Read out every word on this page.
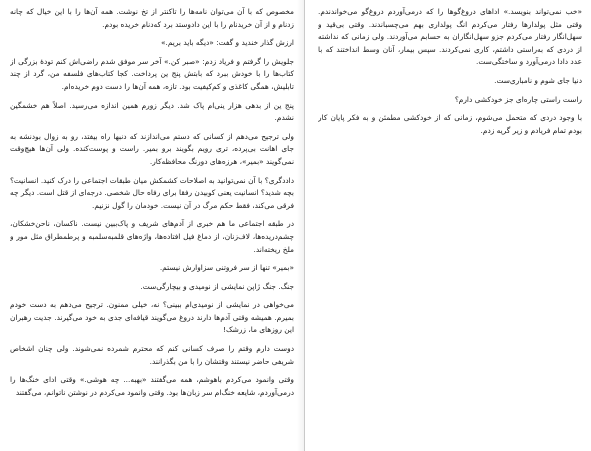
«خب نمی‌تواند بنویسد.» اداهای دروغ‌گوها را که درمی‌آوردم دروغ‌گو می‌خواندندم. وقتی مثل پولدارها رفتار می‌کردم انگ پولداری بهم می‌چسباندند. وقتی بی‌قید و سهل‌انگار رفتار می‌کردم جزو سهل‌انگاران به حسابم می‌آوردند. ولی زمانی که نداشته از دردی که به‌راستی داشتم، کاری نمی‌کردند. سپس بیمار، آنان وسط انداختند که با عدد دادا درمی‌آورد و ساختگی‌ست.

دنیا جای شوم و نامباری‌ست.

راست راستی چاره‌ای جز خودکشی دارم؟

با وجود دردی که متحمل می‌شوم، زمانی که از خودکشی مطمئن و به فکر پایان کار بودم تمام فریادم و زیر گریه زدم.

مخصوص که با آن می‌توان نامه‌ها را تاکنتر از تخ نوشت. همه آن‌ها را با این خیال که چانه زدنام و از آن خریدنام را با این دادوستد برد که‌دنام خریده بودم.

ارزش گذار خندید و گفت: «دیگه باید بریم.»

جلویش را گرفتم و فریاد زدم: «صبر کن.» آخر سر موفق شدم راضی‌اش کنم تودهٔ بزرگی از کتاب‌ها را با خودش ببرد که بابتش پنج ین پرداخت. کجا کتاب‌های فلسفه من، گرد از چند تابلیش، همگی کاغذی و کم‌کیفیت بود. تازه، همه آن‌ها را دست دوم خریده‌ام.

پنج ین از بدهی هزار ینی‌ام پاک شد. دیگر زورم همین اندازه می‌رسید. اصلاً هم خشمگین نشدم.

ولی ترجیح می‌دهم از کسانی که دستم می‌اندازند که دنبها راه بیفتد، رو به زوال بودنشه به جای اهانت بی‌پرده، تری رویم بگویند برو بمیر. راست و پوست‌کنده. ولی آن‌ها هیچ‌وقت نمی‌گویند «بمیر»، هرزه‌های دورنگ محافظه‌کار.

داددگری؟ با آن نمی‌توانید به اصلاحات کشمکش میان طبقات اجتماعی را درک کنید. انسانیت؟ بچه شدید؟ انسانیت یعنی کوبیدن رفقا برای رفاه حال شخصی. درجه‌ای از قتل است. دیگر چه فرقی می‌کند، فقط حکم مرگ در آن نیست. خودمان را گول نزنیم.

در طبقه اجتماعی ما هم خبری از آدم‌های شریف و پاک‌ببین نیست. ناکسان، ناحن‌خشکان، چشم‌دریده‌ها، لاف‌زنان، از دماغ فیل افتاده‌ها، واژه‌های قلمبه‌سلمبه و پرطمطراق مثل مور و ملخ ریخته‌اند.

«بمیر» تنها از سر فروتنی سزاوارش نیستم.

جنگ. جنگ ژاپن نمایشی از نومیدی و بیچارگی‌ست.

می‌خواهی در نمایشی از نومیدی‌ام ببینی؟ نه، خیلی ممنون. ترجیح می‌دهم به دست خودم بمیرم. همیشه وقتی آدم‌ها دارند دروغ می‌گویند قیافه‌ای جدی به خود می‌گیرند. جدیت رهبران این روزهای ما، زرشک!

دوست دارم وقتم را صرف کسانی کنم که محترم شمرده نمی‌شوند. ولی چنان اشخاص شریفی حاضر نیستند وقتشان را با من بگذرانند.

وقتی وانمود می‌کردم باهوشم، همه می‌گفتند «بهبه... چه هوشی.» وقتی ادای خنگ‌ها را درمی‌آوردم، شایعه خنگ‌ام سر زبان‌ها بود. وقتی وانمود می‌کردم در نوشتن ناتوانم، می‌گفتند
